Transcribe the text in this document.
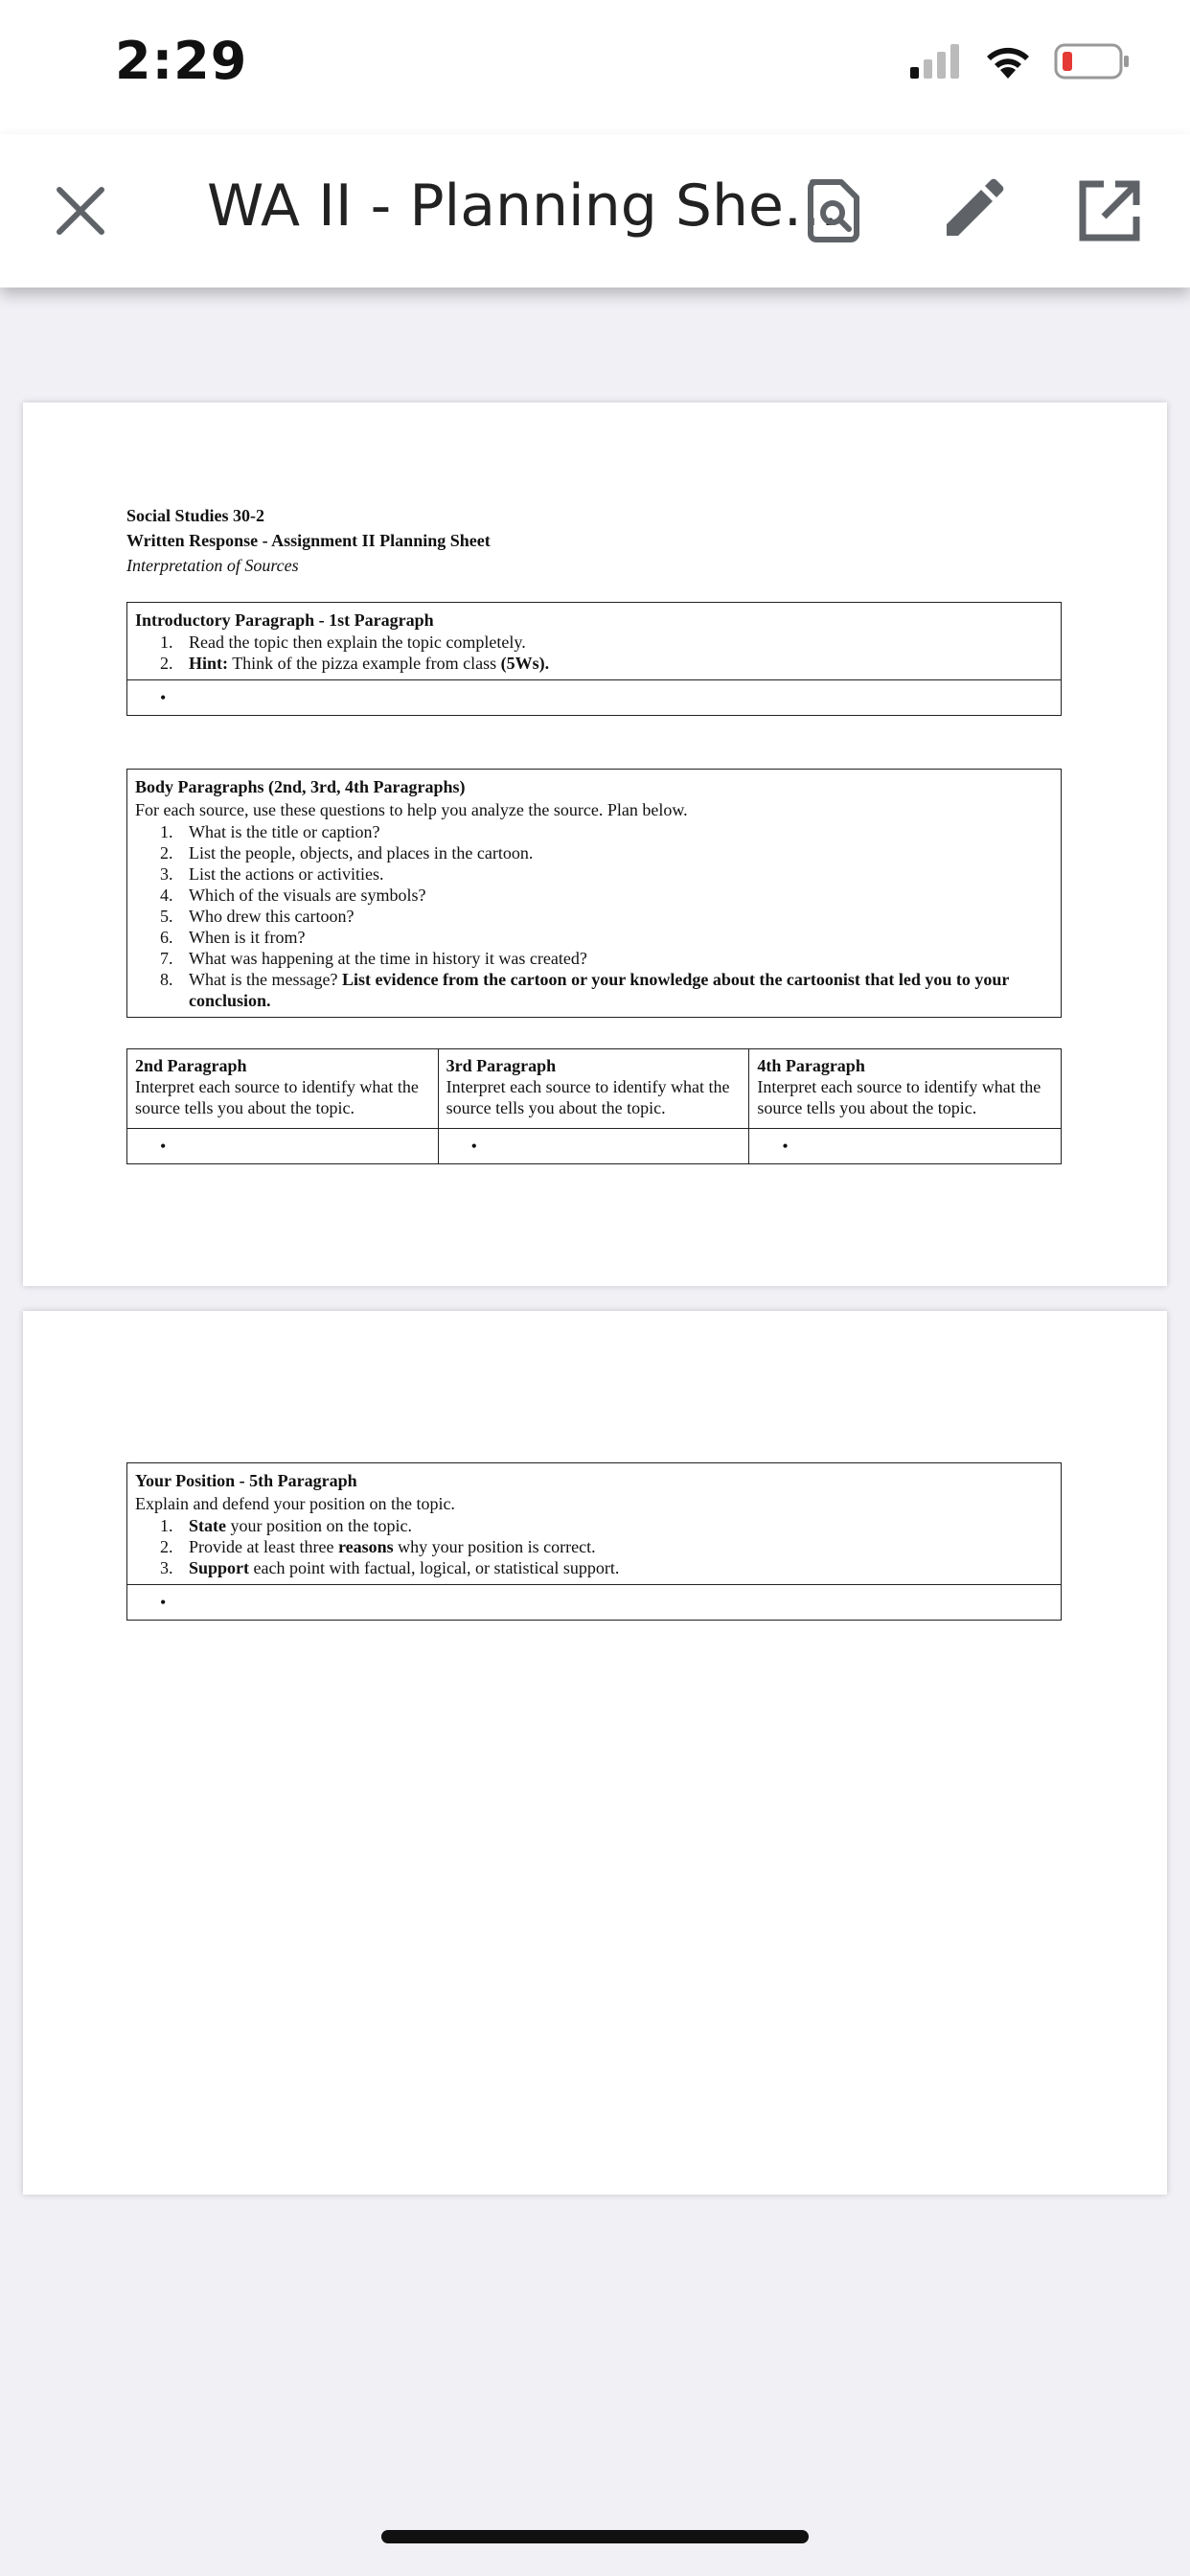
2:29
WA II - Planning She...
Social Studies 30-2
Written Response - Assignment II Planning Sheet
Interpretation of Sources
Introductory Paragraph - 1st Paragraph
1. Read the topic then explain the topic completely.
2. Hint: Think of the pizza example from class (5Ws).
•
Body Paragraphs (2nd, 3rd, 4th Paragraphs)
For each source, use these questions to help you analyze the source. Plan below.
1. What is the title or caption?
2. List the people, objects, and places in the cartoon.
3. List the actions or activities.
4. Which of the visuals are symbols?
5. Who drew this cartoon?
6. When is it from?
7. What was happening at the time in history it was created?
8. What is the message? List evidence from the cartoon or your knowledge about the cartoonist that led you to your conclusion.
2nd Paragraph
Interpret each source to identify what the source tells you about the topic.
•
3rd Paragraph
Interpret each source to identify what the source tells you about the topic.
•
4th Paragraph
Interpret each source to identify what the source tells you about the topic.
•
Your Position - 5th Paragraph
Explain and defend your position on the topic.
1. State your position on the topic.
2. Provide at least three reasons why your position is correct.
3. Support each point with factual, logical, or statistical support.
•
